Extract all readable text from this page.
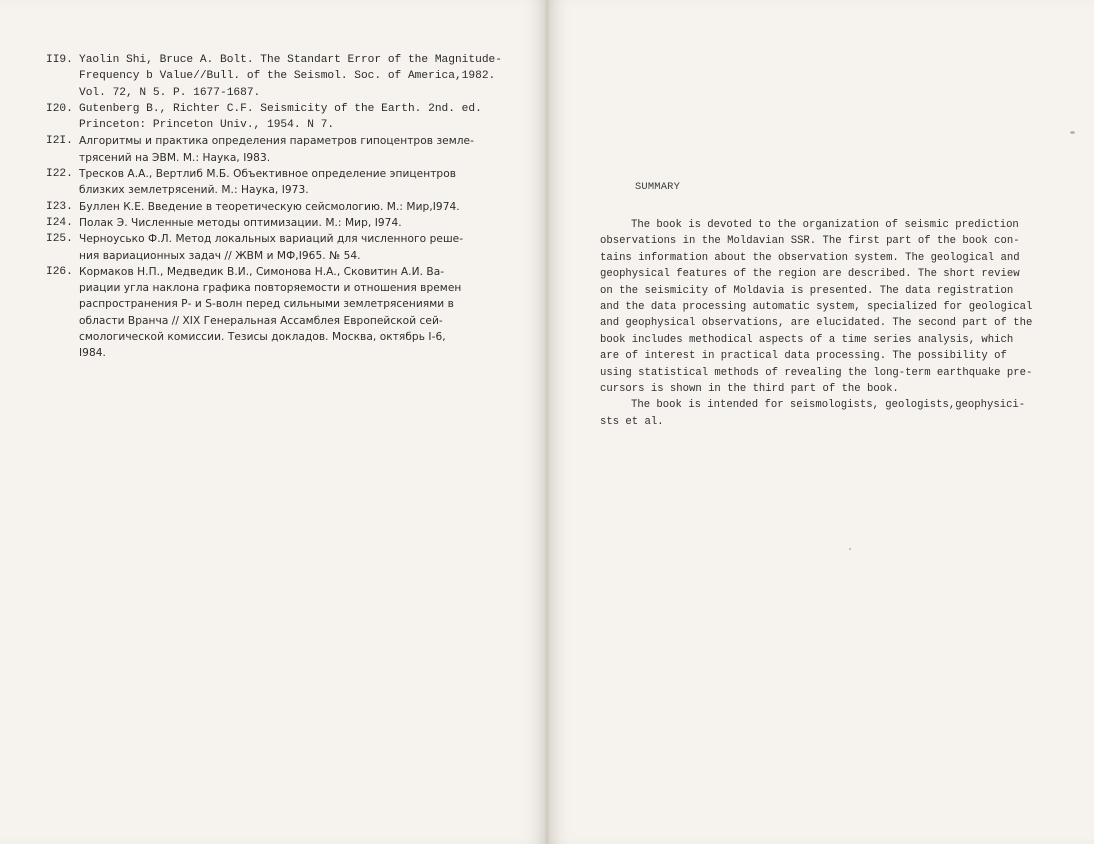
II9. Yaolin Shi, Bruce A. Bolt. The Standart Error of the Magnitude-
Frequency b Value//Bull. of the Seismol. Soc. of America,1982.
Vol. 72, N 5. P. 1677-1687.
I20. Gutenberg B., Richter C.F. Seismicity of the Earth. 2nd. ed.
Princeton: Princeton Univ., 1954. N 7.
I2I. Алгоритмы и практика определения параметров гипоцентров земле-
трясений на ЭВМ. М.: Наука, I983.
I22. Тресков А.А., Вертлиб М.Б. Объективное определение эпицентров
близких землетрясений. М.: Наука, I973.
I23. Буллен К.Е. Введение в теоретическую сейсмологию. М.: Мир,I974.
I24. Полак Э. Численные методы оптимизации. М.: Мир, I974.
I25. Черноусько Ф.Л. Метод локальных вариаций для численного реше-
ния вариационных задач // ЖВМ и МФ,I965. № 54.
I26. Кормаков Н.П., Медведик В.И., Симонова Н.А., Сковитин А.И. Ва-
риации угла наклона графика повторяемости и отношения времен
распространения Р- и S-волн перед сильными землетрясениями в
области Вранча // XIX Генеральная Ассамблея Европейской сей-
смологической комиссии. Тезисы докладов. Москва, октябрь I-6,
I984.
SUMMARY
The book is devoted to the organization of seismic prediction
observations in the Moldavian SSR. The first part of the book con-
tains information about the observation system. The geological and
geophysical features of the region are described. The short review
on the seismicity of Moldavia is presented. The data registration
and the data processing automatic system, specialized for geological
and geophysical observations, are elucidated. The second part of the
book includes methodical aspects of a time series analysis, which
are of interest in practical data processing. The possibility of
using statistical methods of revealing the long-term earthquake pre-
cursors is shown in the third part of the book.
The book is intended for seismologists, geologists,geophysici-
sts et al.
